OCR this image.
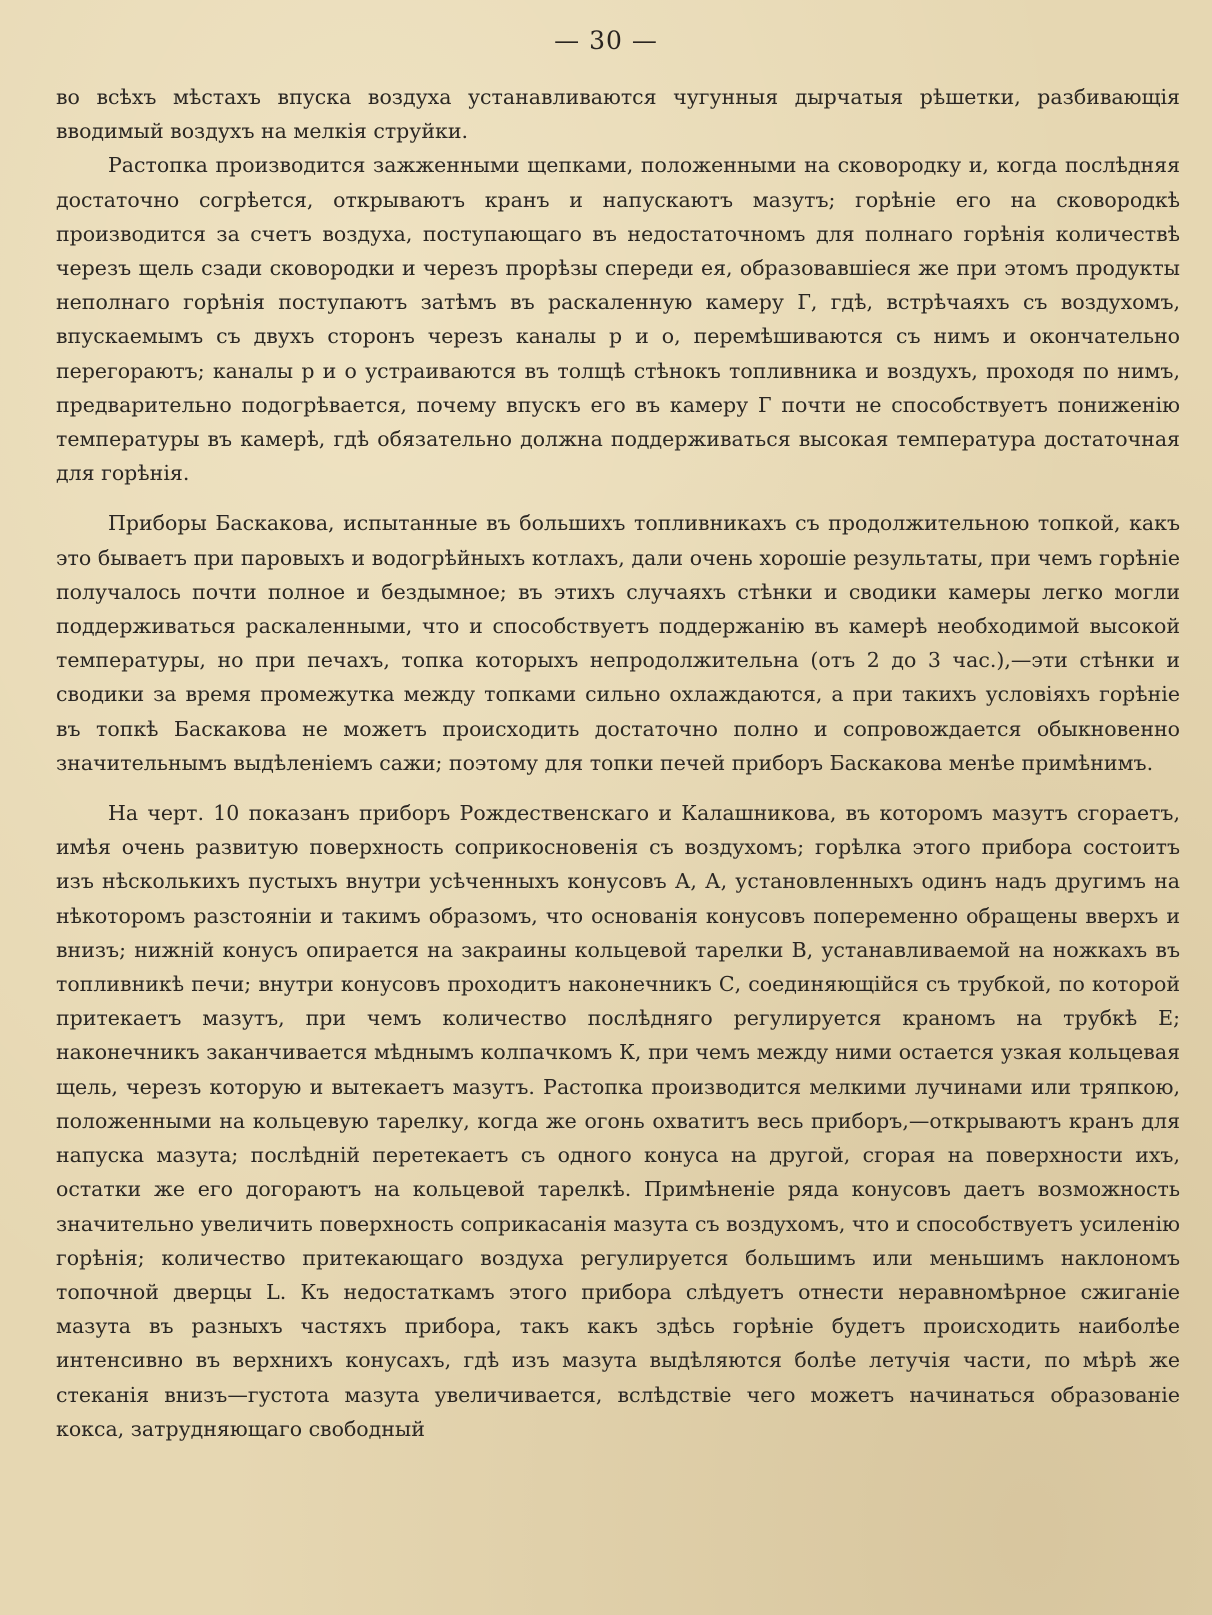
— 30 —

во всѣхъ мѣстахъ впуска воздуха устанавливаются чугунныя дырчатыя рѣшетки, разбивающія вводимый воздухъ на мелкія струйки.

Растопка производится зажженными щепками, положенными на сковородку и, когда послѣдняя достаточно согрѣется, открываютъ кранъ и напускаютъ мазутъ; горѣніе его на сковородкѣ производится за счетъ воздуха, поступающаго въ недостаточномъ для полнаго горѣнія количествѣ черезъ щель сзади сковородки и черезъ прорѣзы спереди ея, образовавшіеся же при этомъ продукты неполнаго горѣнія поступаютъ затѣмъ въ раскаленную камеру Г, гдѣ, встрѣчаяхъ съ воздухомъ, впускаемымъ съ двухъ сторонъ черезъ каналы р и о, перемѣшиваются съ нимъ и окончательно перегораютъ; каналы р и о устраиваются въ толщѣ стѣнокъ топливника и воздухъ, проходя по нимъ, предварительно подогрѣвается, почему впускъ его въ камеру Г почти не способствуетъ пониженію температуры въ камерѣ, гдѣ обязательно должна поддерживаться высокая температура достаточная для горѣнія.

Приборы Баскакова, испытанные въ большихъ топливникахъ съ продолжительною топкой, какъ это бываетъ при паровыхъ и водогрѣйныхъ котлахъ, дали очень хорошіе результаты, при чемъ горѣніе получалось почти полное и бездымное; въ этихъ случаяхъ стѣнки и сводики камеры легко могли поддерживаться раскаленными, что и способствуетъ поддержанію въ камерѣ необходимой высокой температуры, но при печахъ, топка которыхъ непродолжительна (отъ 2 до 3 час.),—эти стѣнки и сводики за время промежутка между топками сильно охлаждаются, а при такихъ условіяхъ горѣніе въ топкѣ Баскакова не можетъ происходить достаточно полно и сопровождается обыкновенно значительнымъ выдѣленіемъ сажи; поэтому для топки печей приборъ Баскакова менѣе примѣнимъ.

На черт. 10 показанъ приборъ Рождественскаго и Калашникова, въ которомъ мазутъ сгораетъ, имѣя очень развитую поверхность соприкосновенія съ воздухомъ; горѣлка этого прибора состоитъ изъ нѣсколькихъ пустыхъ внутри усѣченныхъ конусовъ А, А, установленныхъ одинъ надъ другимъ на нѣкоторомъ разстояніи и такимъ образомъ, что основанія конусовъ попеременно обращены вверхъ и внизъ; нижній конусъ опирается на закраины кольцевой тарелки В, устанавливаемой на ножкахъ въ топливникѣ печи; внутри конусовъ проходитъ наконечникъ С, соединяющійся съ трубкой, по которой притекаетъ мазутъ, при чемъ количество послѣдняго регулируется краномъ на трубкѣ Е; наконечникъ заканчивается мѣднымъ колпачкомъ К, при чемъ между ними остается узкая кольцевая щель, черезъ которую и вытекаетъ мазутъ. Растопка производится мелкими лучинами или тряпкою, положенными на кольцевую тарелку, когда же огонь охватитъ весь приборъ,—открываютъ кранъ для напуска мазута; послѣдній перетекаетъ съ одного конуса на другой, сгорая на поверхности ихъ, остатки же его догораютъ на кольцевой тарелкѣ. Примѣненіе ряда конусовъ даетъ возможность значительно увеличить поверхность соприкасанія мазута съ воздухомъ, что и способствуетъ усиленію горѣнія; количество притекающаго воздуха регулируется большимъ или меньшимъ наклономъ топочной дверцы L. Къ недостаткамъ этого прибора слѣдуетъ отнести неравномѣрное сжиганіе мазута въ разныхъ частяхъ прибора, такъ какъ здѣсь горѣніе будетъ происходить наиболѣе интенсивно въ верхнихъ конусахъ, гдѣ изъ мазута выдѣляются болѣе летучія части, по мѣрѣ же стеканія внизъ—густота мазута увеличивается, вслѣдствіе чего можетъ начинаться образованіе кокса, затрудняющаго свободный
